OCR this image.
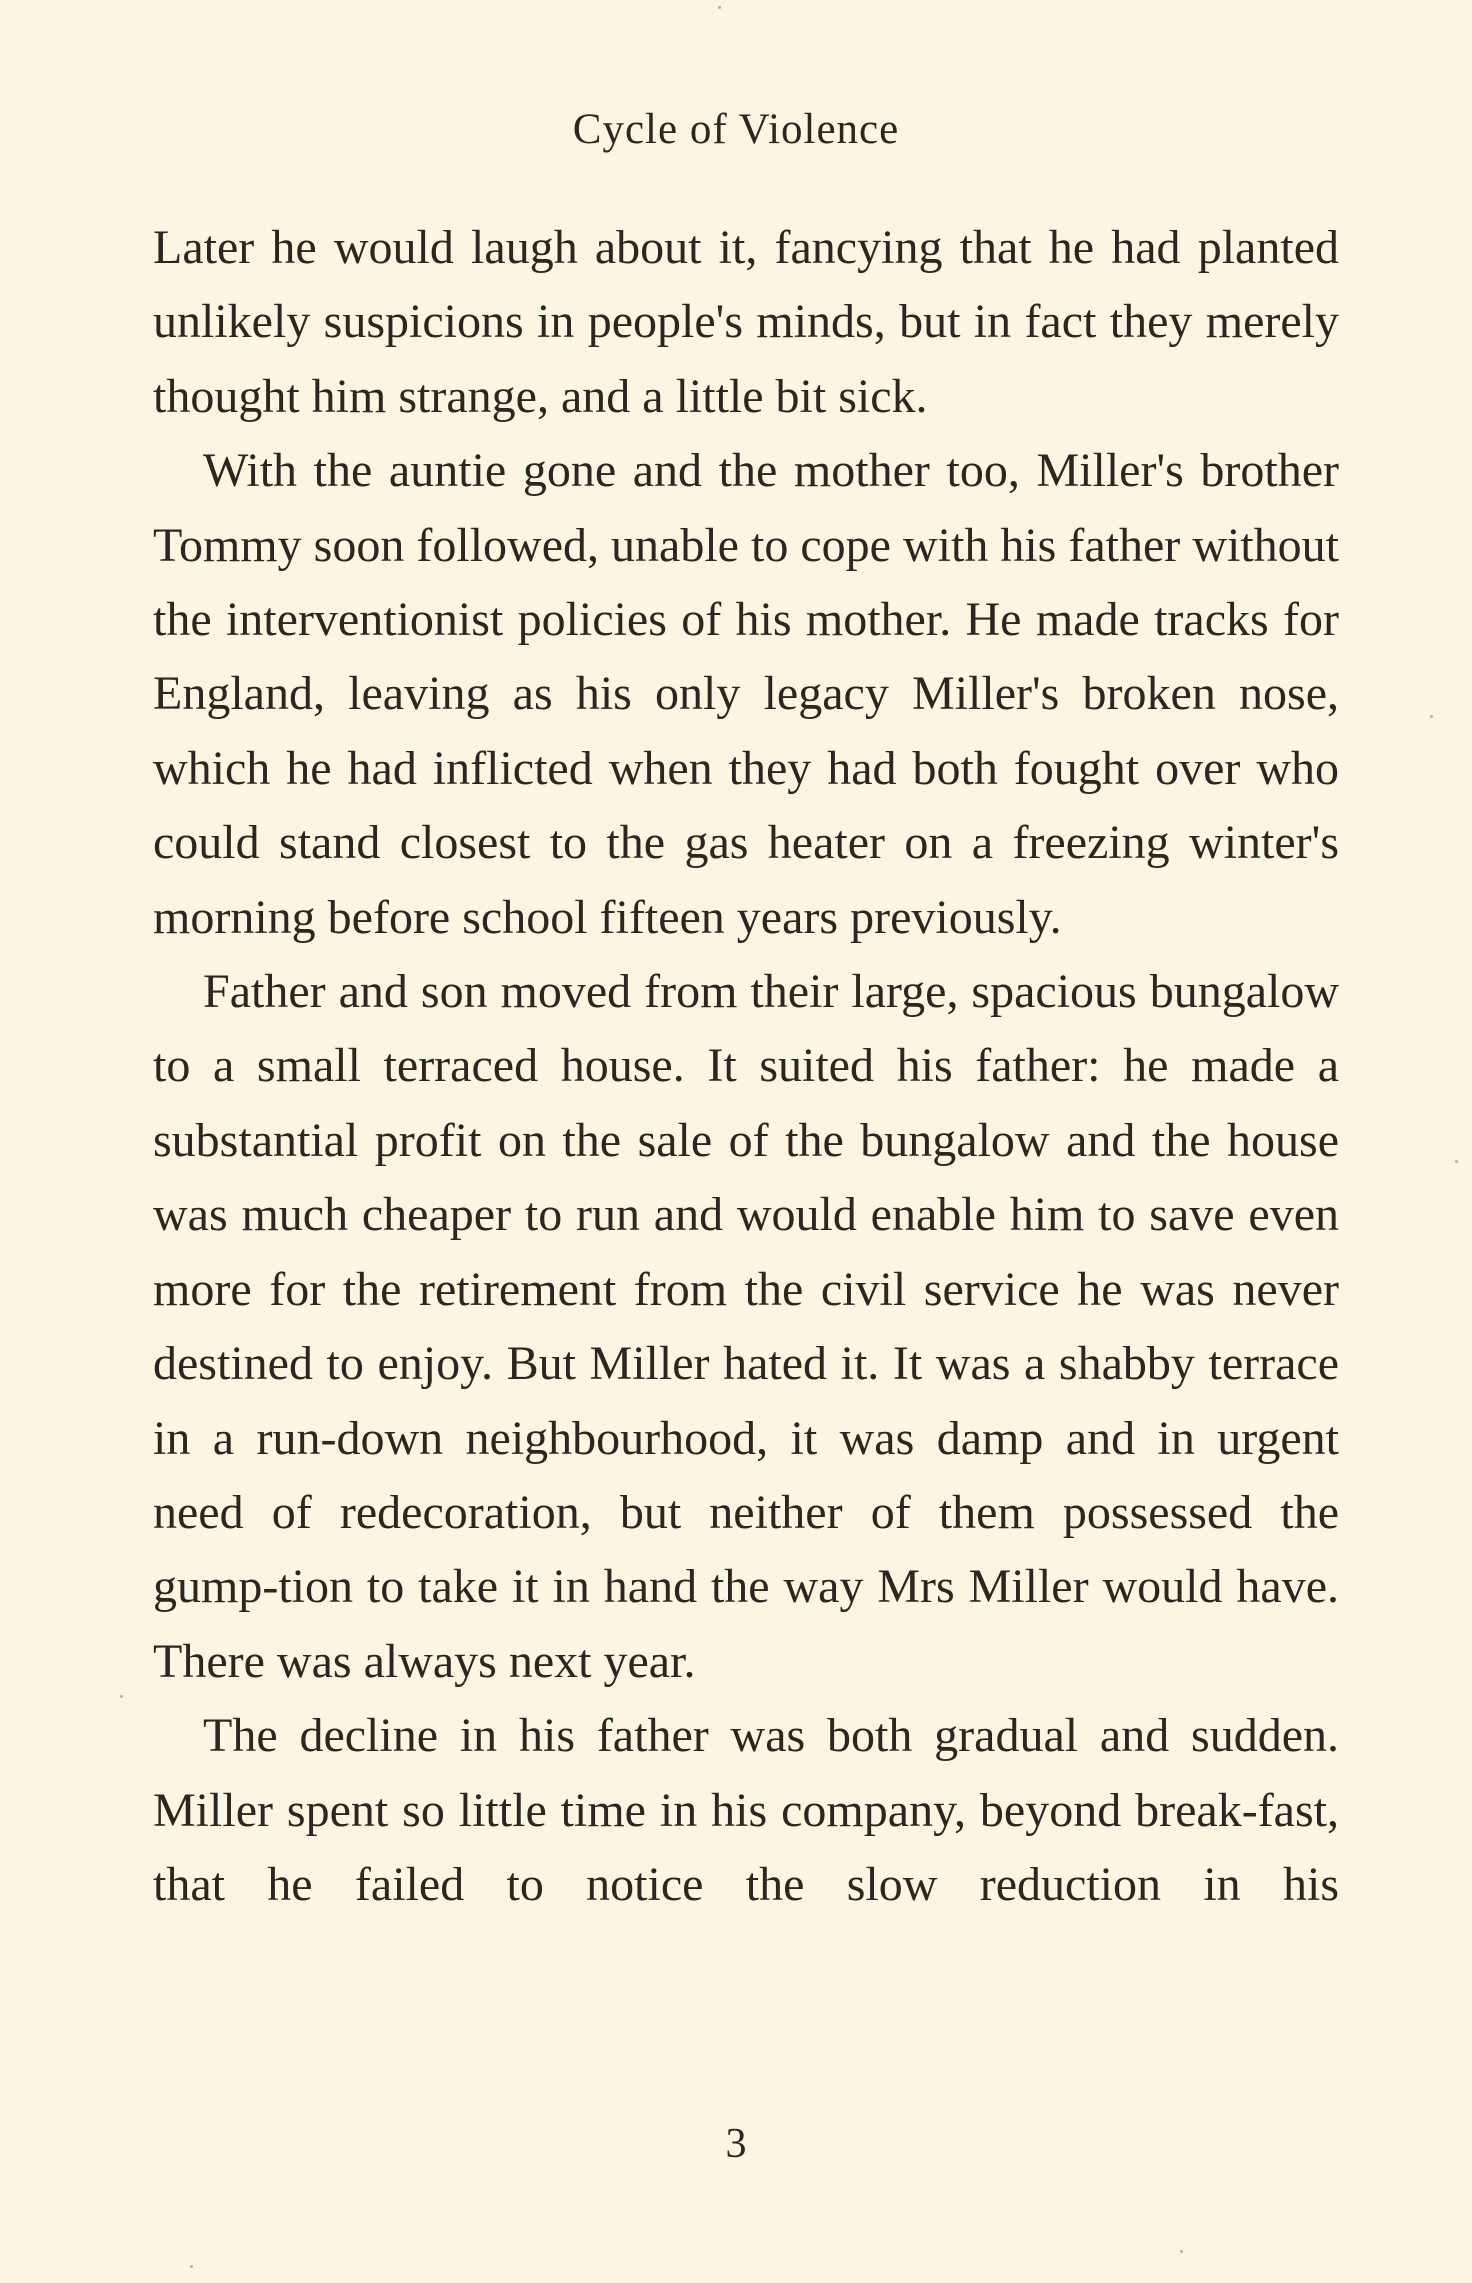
Cycle of Violence

Later he would laugh about it, fancying that he had planted unlikely suspicions in people's minds, but in fact they merely thought him strange, and a little bit sick.

With the auntie gone and the mother too, Miller's brother Tommy soon followed, unable to cope with his father without the interventionist policies of his mother. He made tracks for England, leaving as his only legacy Miller's broken nose, which he had inflicted when they had both fought over who could stand closest to the gas heater on a freezing winter's morning before school fifteen years previously.

Father and son moved from their large, spacious bungalow to a small terraced house. It suited his father: he made a substantial profit on the sale of the bungalow and the house was much cheaper to run and would enable him to save even more for the retirement from the civil service he was never destined to enjoy. But Miller hated it. It was a shabby terrace in a run-down neighbourhood, it was damp and in urgent need of redecoration, but neither of them possessed the gump-tion to take it in hand the way Mrs Miller would have. There was always next year.

The decline in his father was both gradual and sudden. Miller spent so little time in his company, beyond break-fast, that he failed to notice the slow reduction in his

3
